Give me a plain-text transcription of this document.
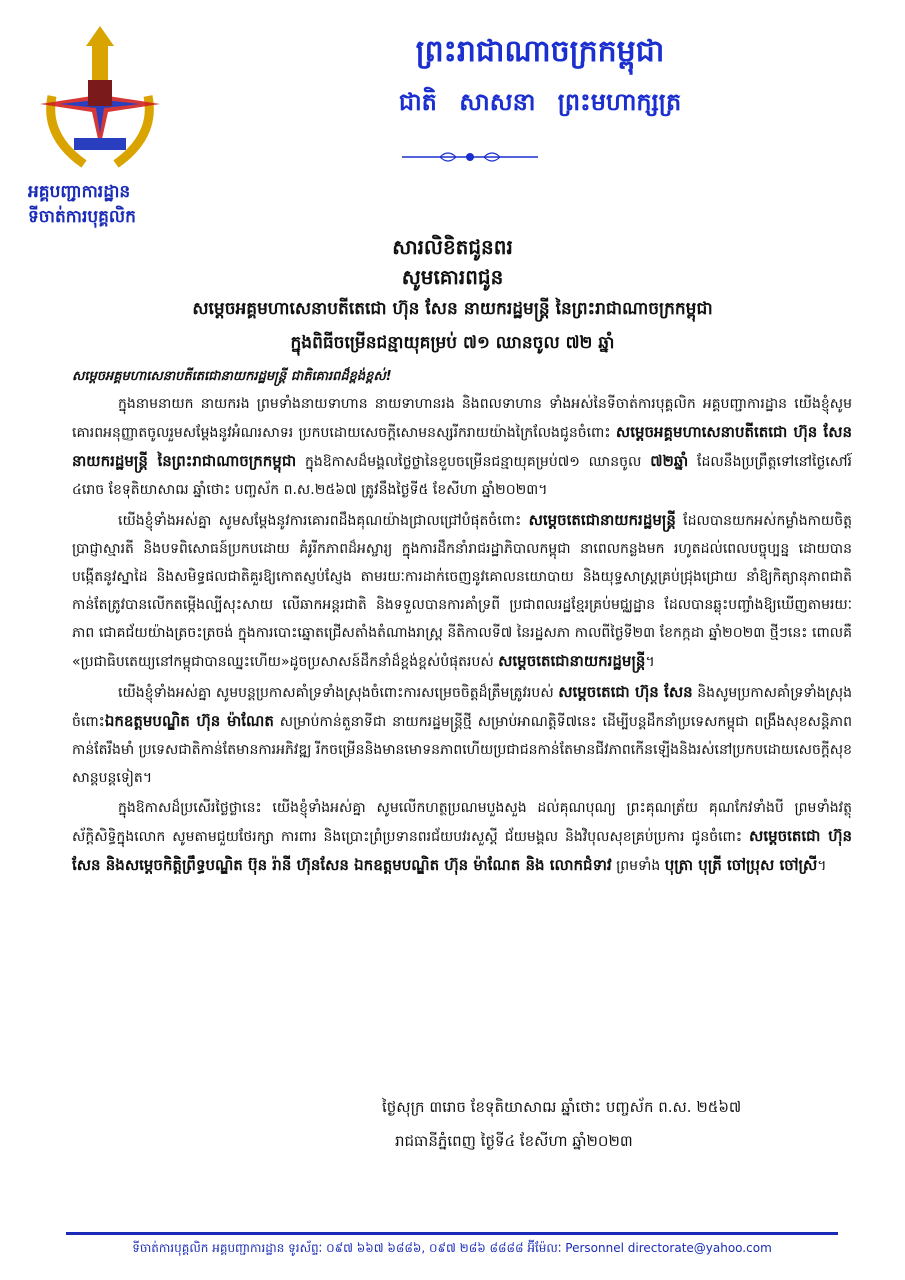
អគ្គបញ្ជាការដ្ឋាន
ទីចាត់ការបុគ្គលិក
ព្រះរាជាណាចក្រកម្ពុជា
ជាតិ សាសនា ព្រះមហាក្សត្រ
សារលិខិតជូនពរ
សូមគោរពជូន
សម្ដេចអគ្គមហាសេនាបតីតេជោ ហ៊ុន សែន នាយករដ្ឋមន្ត្រី នៃព្រះរាជាណាចក្រកម្ពុជា
ក្នុងពិធីចម្រើនជន្មាយុគម្រប់ ៧១ ឈានចូល ៧២ ឆ្នាំ
សម្ដេចអគ្គមហាសេនាបតីតេជោនាយករដ្ឋមន្ត្រី ជាតិគោរពដ៏ខ្ពង់ខ្ពស់!

ក្នុងនាមនាយក នាយករង ព្រមទាំងនាយទាហាន នាយទាហានរង និងពលទាហាន ទាំងអស់នៃទីចាត់ការបុគ្គលិក អគ្គបញ្ជាការដ្ឋាន យើងខ្ញុំសូមគោរពអនុញ្ញាតចូលរួមសម្ដែងនូវអំណរសាទរ ប្រកបដោយសេចក្ដីសោមនស្សរីករាយយ៉ាងក្រៃលែងជូនចំពោះ សម្ដេចអគ្គមហាសេនាបតីតេជោ ហ៊ុន សែន នាយករដ្ឋមន្ត្រី នៃព្រះរាជាណាចក្រកម្ពុជា ក្នុងឱកាសដ៏មង្គលថ្លៃថ្លានៃខួបចម្រើនជន្មាយុគម្រប់៧១ ឈានចូល ៧២ឆ្នាំ ដែលនឹងប្រព្រឹត្តទៅនៅថ្ងៃសៅរ៍ ៤រោច ខែទុតិយាសាឍ ឆ្នាំថោះ បញ្ចស័ក ព.ស.២៥៦៧ ត្រូវនឹងថ្ងៃទី៥ ខែសីហា ឆ្នាំ២០២៣។

យើងខ្ញុំទាំងអស់គ្នា សូមសម្ដែងនូវការគោរពដឹងគុណយ៉ាងជ្រាលជ្រៅបំផុតចំពោះ សម្ដេចតេជោនាយករដ្ឋមន្ត្រី ដែលបានយកអស់កម្លាំងកាយចិត្ត ប្រាជ្ញាស្មារតី និងបទពិសោធន៍ប្រកបដោយ គំរូរីកភាពដ៏អស្ចារ្យ ក្នុងការដឹកនាំរាជរដ្ឋាភិបាលកម្ពុជា នាពេលកន្លងមក រហូតដល់ពេលបច្ចុប្បន្ន ដោយបានបង្កើតនូវស្នាដៃ និងសមិទ្ធផលជាតិគួរឱ្យកោតស្ញប់ស្ញែង តាមរយៈការដាក់ចេញនូវគោលនយោបាយ និងយុទ្ធសាស្ត្រគ្រប់ជ្រុងជ្រោយ នាំឱ្យកិត្យានុភាពជាតិ កាន់តែត្រូវបានលើកតម្កើងល្បីសុះសាយ លើឆាកអន្តរជាតិ និងទទួលបានការគាំទ្រពី ប្រជាពលរដ្ឋខ្មែរគ្រប់មជ្ឈដ្ឋាន ដែលបានឆ្លុះបញ្ចាំងឱ្យឃើញតាមរយៈភាព ជោគជ័យយ៉ាងត្រចះត្រចង់ ក្នុងការបោះឆ្នោតជ្រើសតាំងតំណាងរាស្ត្រ នីតិកាលទី៧ នៃរដ្ឋសភា កាលពីថ្ងៃទី២៣ ខែកក្កដា ឆ្នាំ២០២៣ ថ្មីៗនេះ ពោលគឺ «ប្រជាធិបតេយ្យនៅកម្ពុជាបានឈ្នះហើយ»ដូចប្រសាសន៍ដឹកនាំដ៏ខ្ពង់ខ្ពស់បំផុតរបស់ សម្ដេចតេជោនាយករដ្ឋមន្ត្រី។

យើងខ្ញុំទាំងអស់គ្នា សូមបន្តប្រកាសគាំទ្រទាំងស្រុងចំពោះការសម្រេចចិត្តដ៏ត្រឹមត្រូវរបស់ សម្ដេចតេជោ ហ៊ុន សែន និងសូមប្រកាសគាំទ្រទាំងស្រុងចំពោះឯកឧត្តមបណ្ឌិត ហ៊ុន ម៉ាណែត សម្រាប់កាន់តួនាទីជា នាយករដ្ឋមន្ត្រីថ្មី សម្រាប់អាណត្តិទី៧នេះ ដើម្បីបន្តដឹកនាំប្រទេសកម្ពុជា ពង្រឹងសុខសន្តិភាពកាន់តែរឹងមាំ ប្រទេសជាតិកាន់តែមានការអភិវឌ្ឍ រីកចម្រើននិងមានមោទនភាពហើយប្រជាជនកាន់តែមានជីវភាពកើនឡើងនិងរស់នៅប្រកបដោយសេចក្ដីសុខសាន្តបន្តទៀត។

ក្នុងឱកាសដ៏ប្រសើរថ្លៃថ្លានេះ យើងខ្ញុំទាំងអស់គ្នា សូមលើកហត្ថប្រណមបួងសួង ដល់គុណបុណ្យ ព្រះគុណត្រ័យ គុណកែវទាំងបី ព្រមទាំងវត្ថុស័ក្ដិសិទ្ធិក្នុងលោក សូមតាមជួយថែរក្សា ការពារ និងប្រោះព្រំប្រទានពរជ័យបវរសួស្ដី ជ័យមង្គល និងវិបុលសុខគ្រប់ប្រការ ជូនចំពោះ សម្ដេចតេជោ ហ៊ុន សែន និងសម្ដេចកិត្តិព្រឹទ្ធបណ្ឌិត ប៊ុន រ៉ានី ហ៊ុនសែន ឯកឧត្តមបណ្ឌិត ហ៊ុន ម៉ាណែត និង លោកជំទាវ ព្រមទាំង បុត្រា បុត្រី ចៅប្រុស ចៅស្រី។

ថ្ងៃសុក្រ ៣រោច ខែទុតិយាសាឍ ឆ្នាំថោះ បញ្ចស័ក ព.ស. ២៥៦៧
រាជធានីភ្នំពេញ ថ្ងៃទី៤ ខែសីហា ឆ្នាំ២០២៣
ទីចាត់ការបុគ្គលិក អគ្គបញ្ជាការដ្ឋាន ទូរស័ព្ទៈ ០៩៧ ៦៦៧ ៦៨៨៦, ០៩៧ ២៨៦ ៨៨៨៨ អ៊ីម៉ែលៈ Personnel directorate@yahoo.com
